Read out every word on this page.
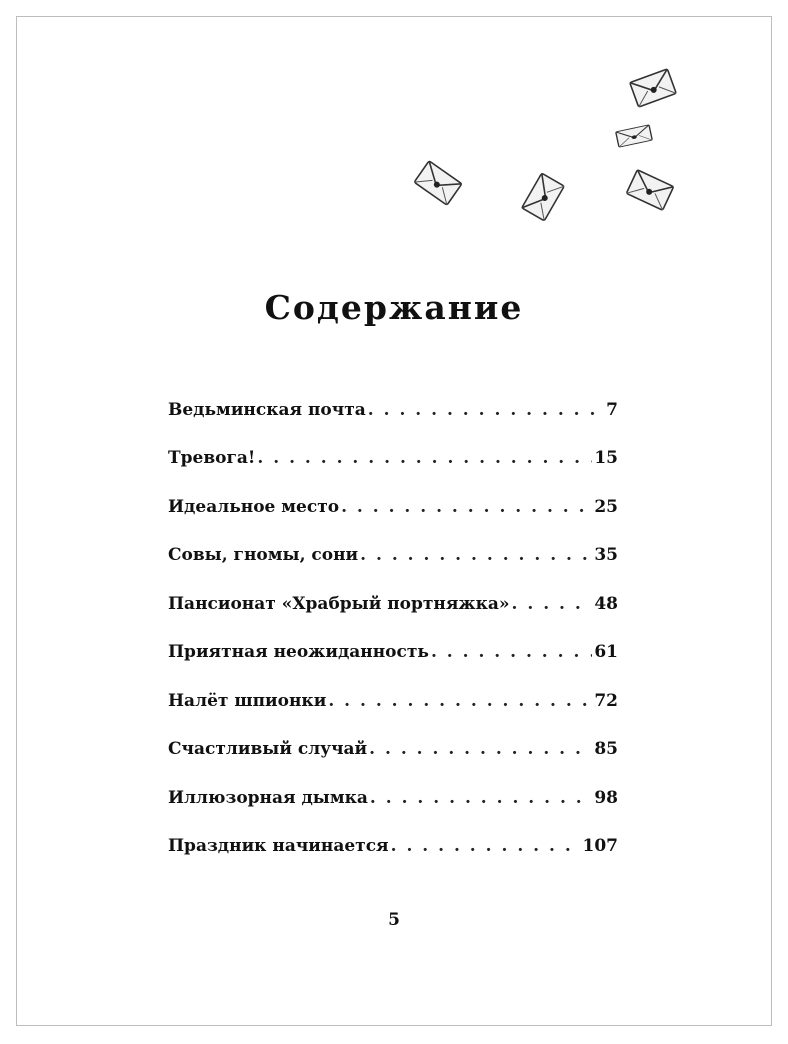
Содержание
Ведьминская почта . . .	7
Тревога! . . .	15
Идеальное место . . .	25
Совы, гномы, сони . . .	35
Пансионат «Храбрый портняжка» . . .	48
Приятная неожиданность . . .	61
Налёт шпионки . . .	72
Счастливый случай . . .	85
Иллюзорная дымка . . .	98
Праздник начинается . . .	107
5
